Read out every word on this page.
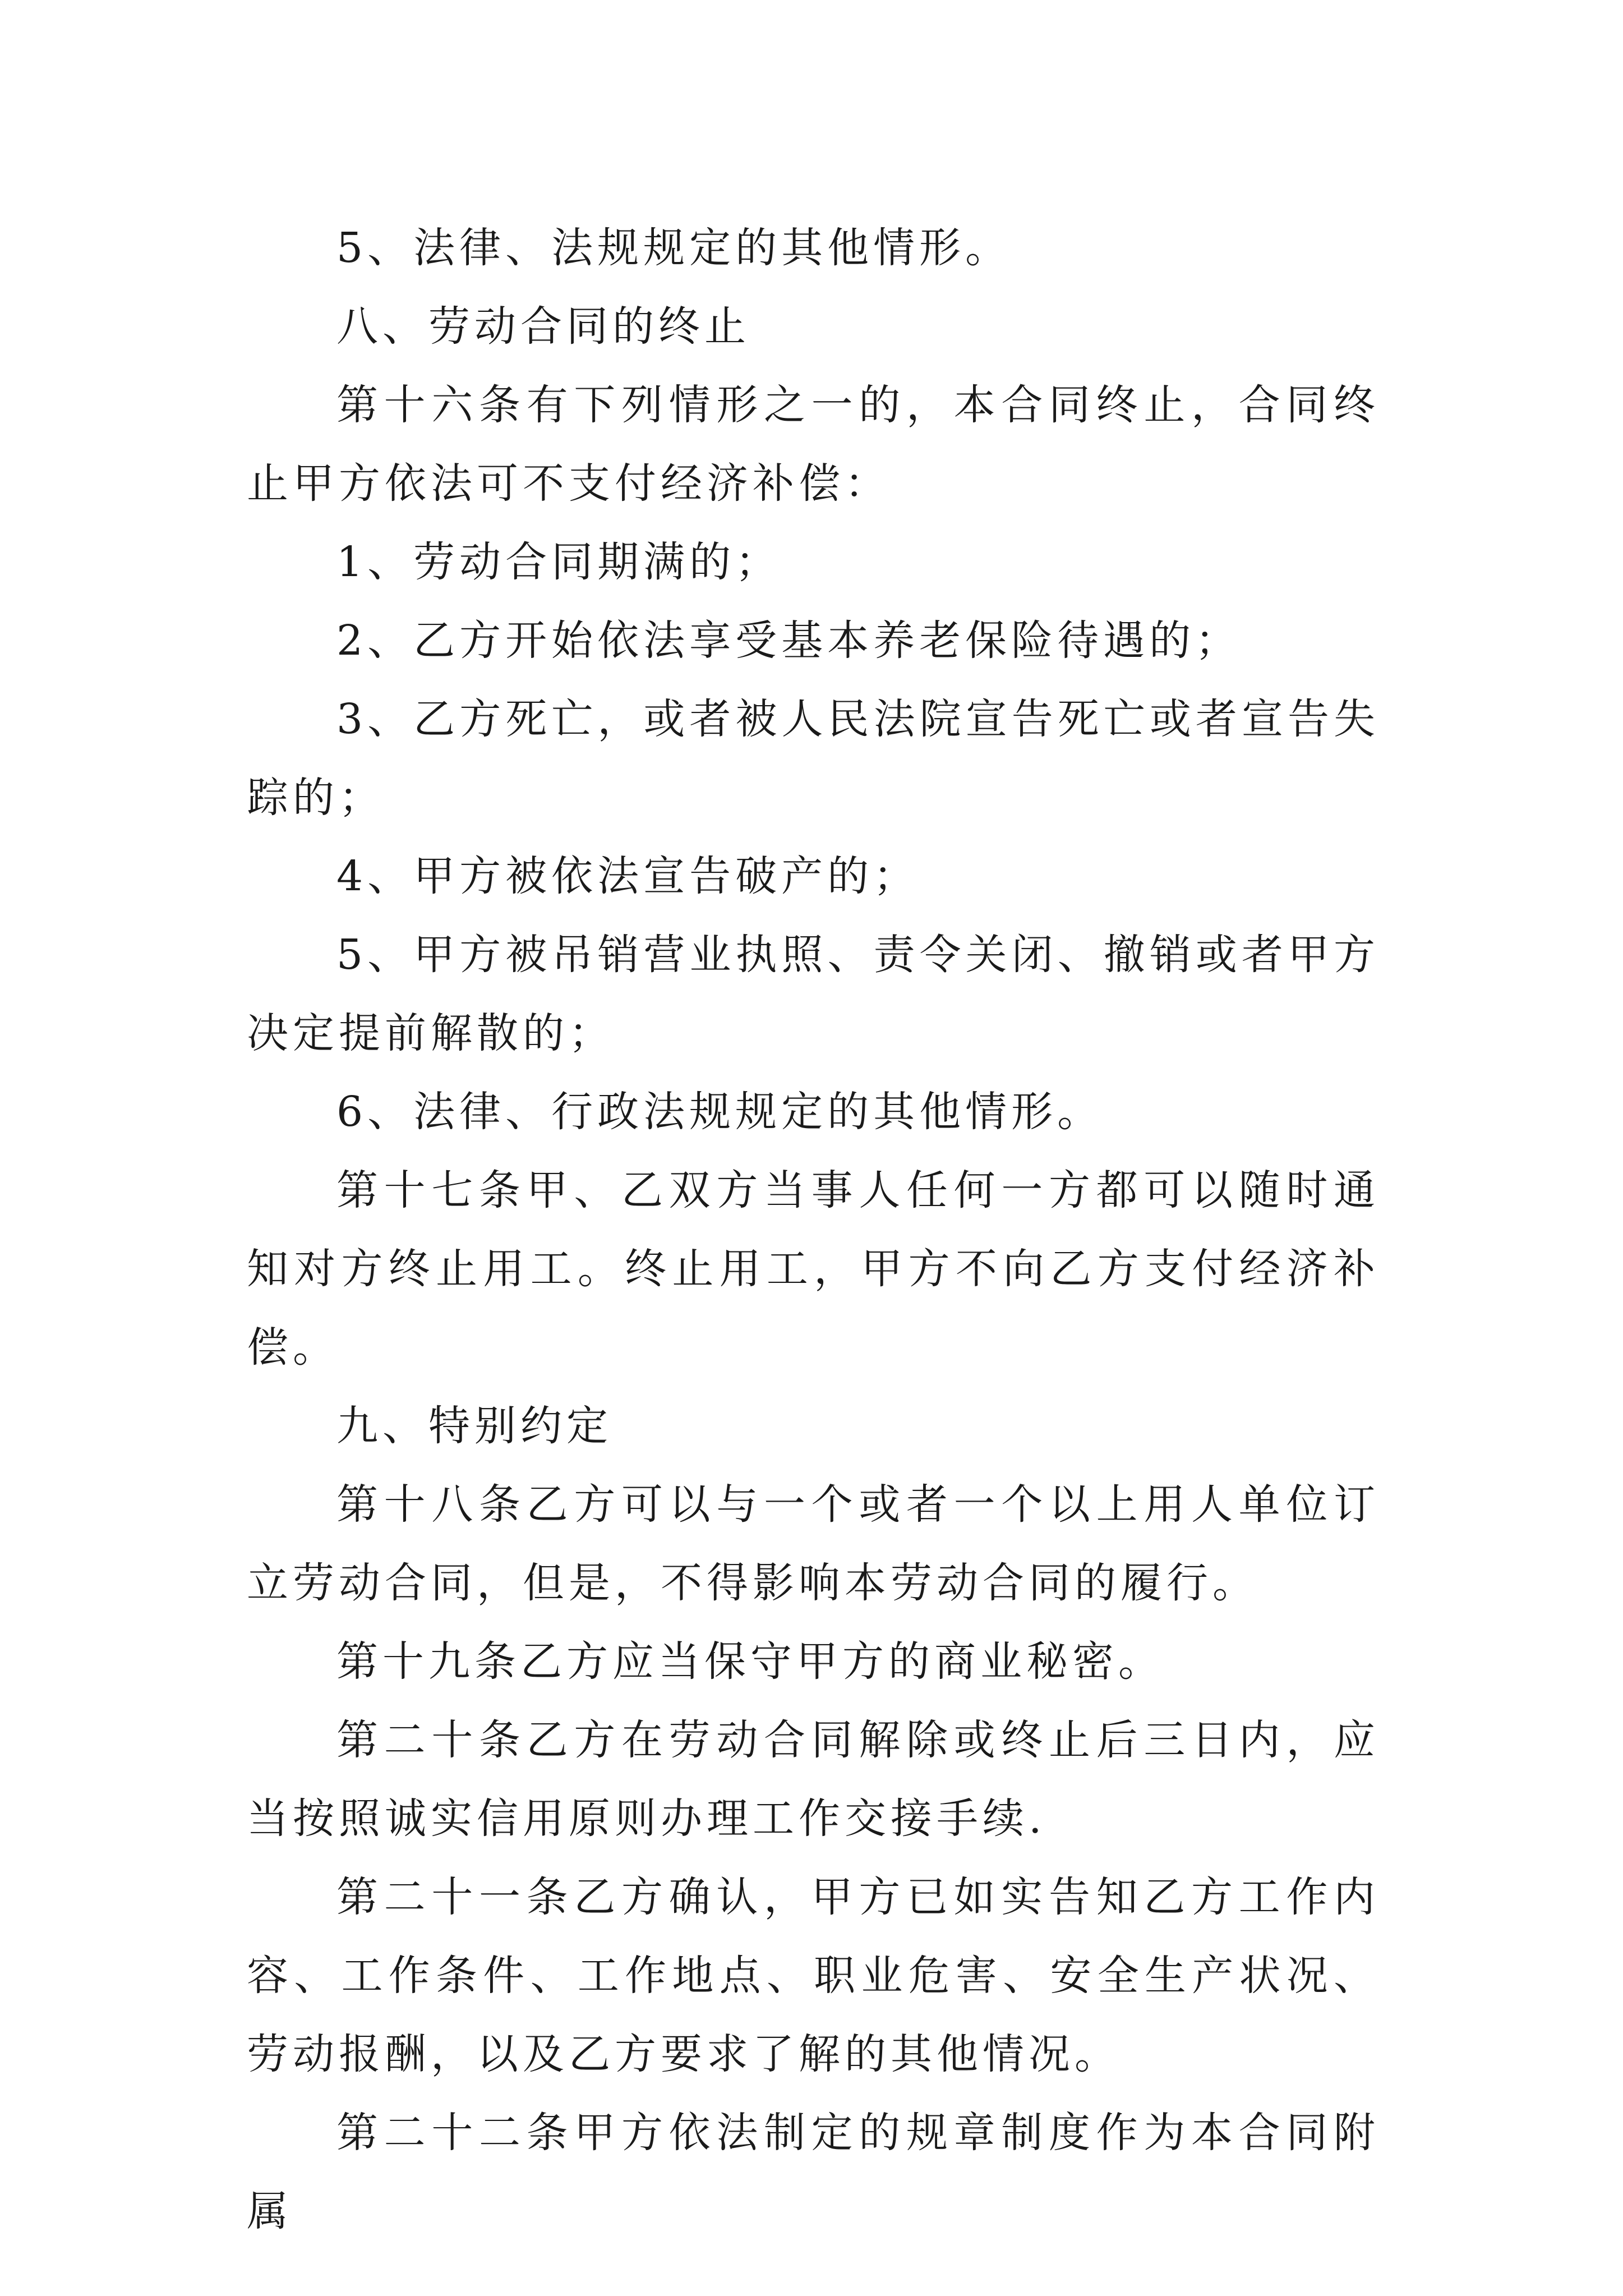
5、法律、法规规定的其他情形。

八、劳动合同的终止

第十六条有下列情形之一的，本合同终止，合同终止甲方依法可不支付经济补偿：

1、劳动合同期满的；

2、乙方开始依法享受基本养老保险待遇的；

3、乙方死亡，或者被人民法院宣告死亡或者宣告失踪的；

4、甲方被依法宣告破产的；

5、甲方被吊销营业执照、责令关闭、撤销或者甲方决定提前解散的；

6、法律、行政法规规定的其他情形。

第十七条甲、乙双方当事人任何一方都可以随时通知对方终止用工。终止用工，甲方不向乙方支付经济补偿。

九、特别约定

第十八条乙方可以与一个或者一个以上用人单位订立劳动合同，但是，不得影响本劳动合同的履行。

第十九条乙方应当保守甲方的商业秘密。

第二十条乙方在劳动合同解除或终止后三日内，应当按照诚实信用原则办理工作交接手续.

第二十一条乙方确认，甲方已如实告知乙方工作内容、工作条件、工作地点、职业危害、安全生产状况、劳动报酬，以及乙方要求了解的其他情况。

第二十二条甲方依法制定的规章制度作为本合同附属
